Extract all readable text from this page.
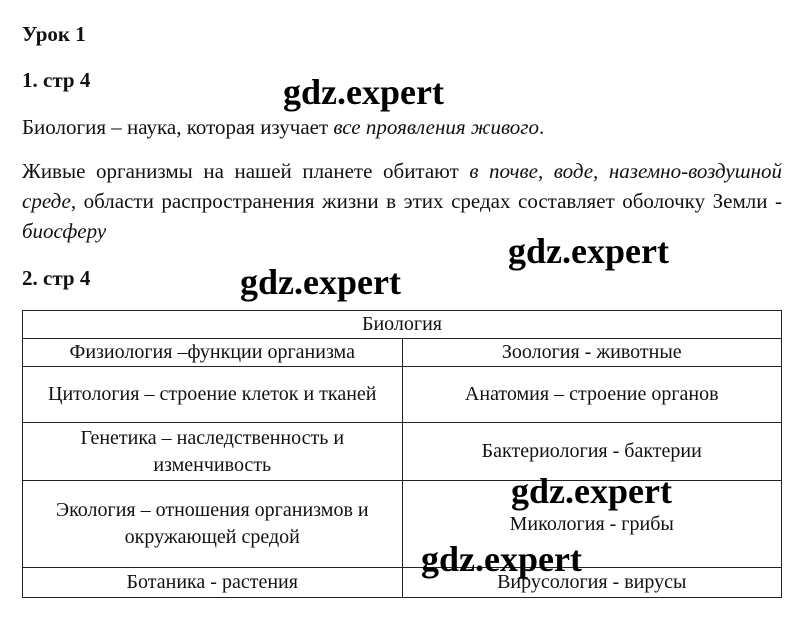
Урок 1
1. стр 4

Биология – наука, которая изучает все проявления живого.

Живые организмы на нашей планете обитают в почве, воде, наземно-воздушной среде, области распространения жизни в этих средах составляет оболочку Земли - биосферу

2. стр 4
Биология	
Физиология –функции организма	Зоология - животные
Цитология – строение клеток и тканей	Анатомия – строение органов
Генетика – наследственность и изменчивость	Бактериология - бактерии
Экология – отношения организмов и окружающей средой	Микология - грибы
Ботаника - растения	Вирусология - вирусы
gdz.expert
gdz.expert
gdz.expert
gdz.expert
gdz.expert
